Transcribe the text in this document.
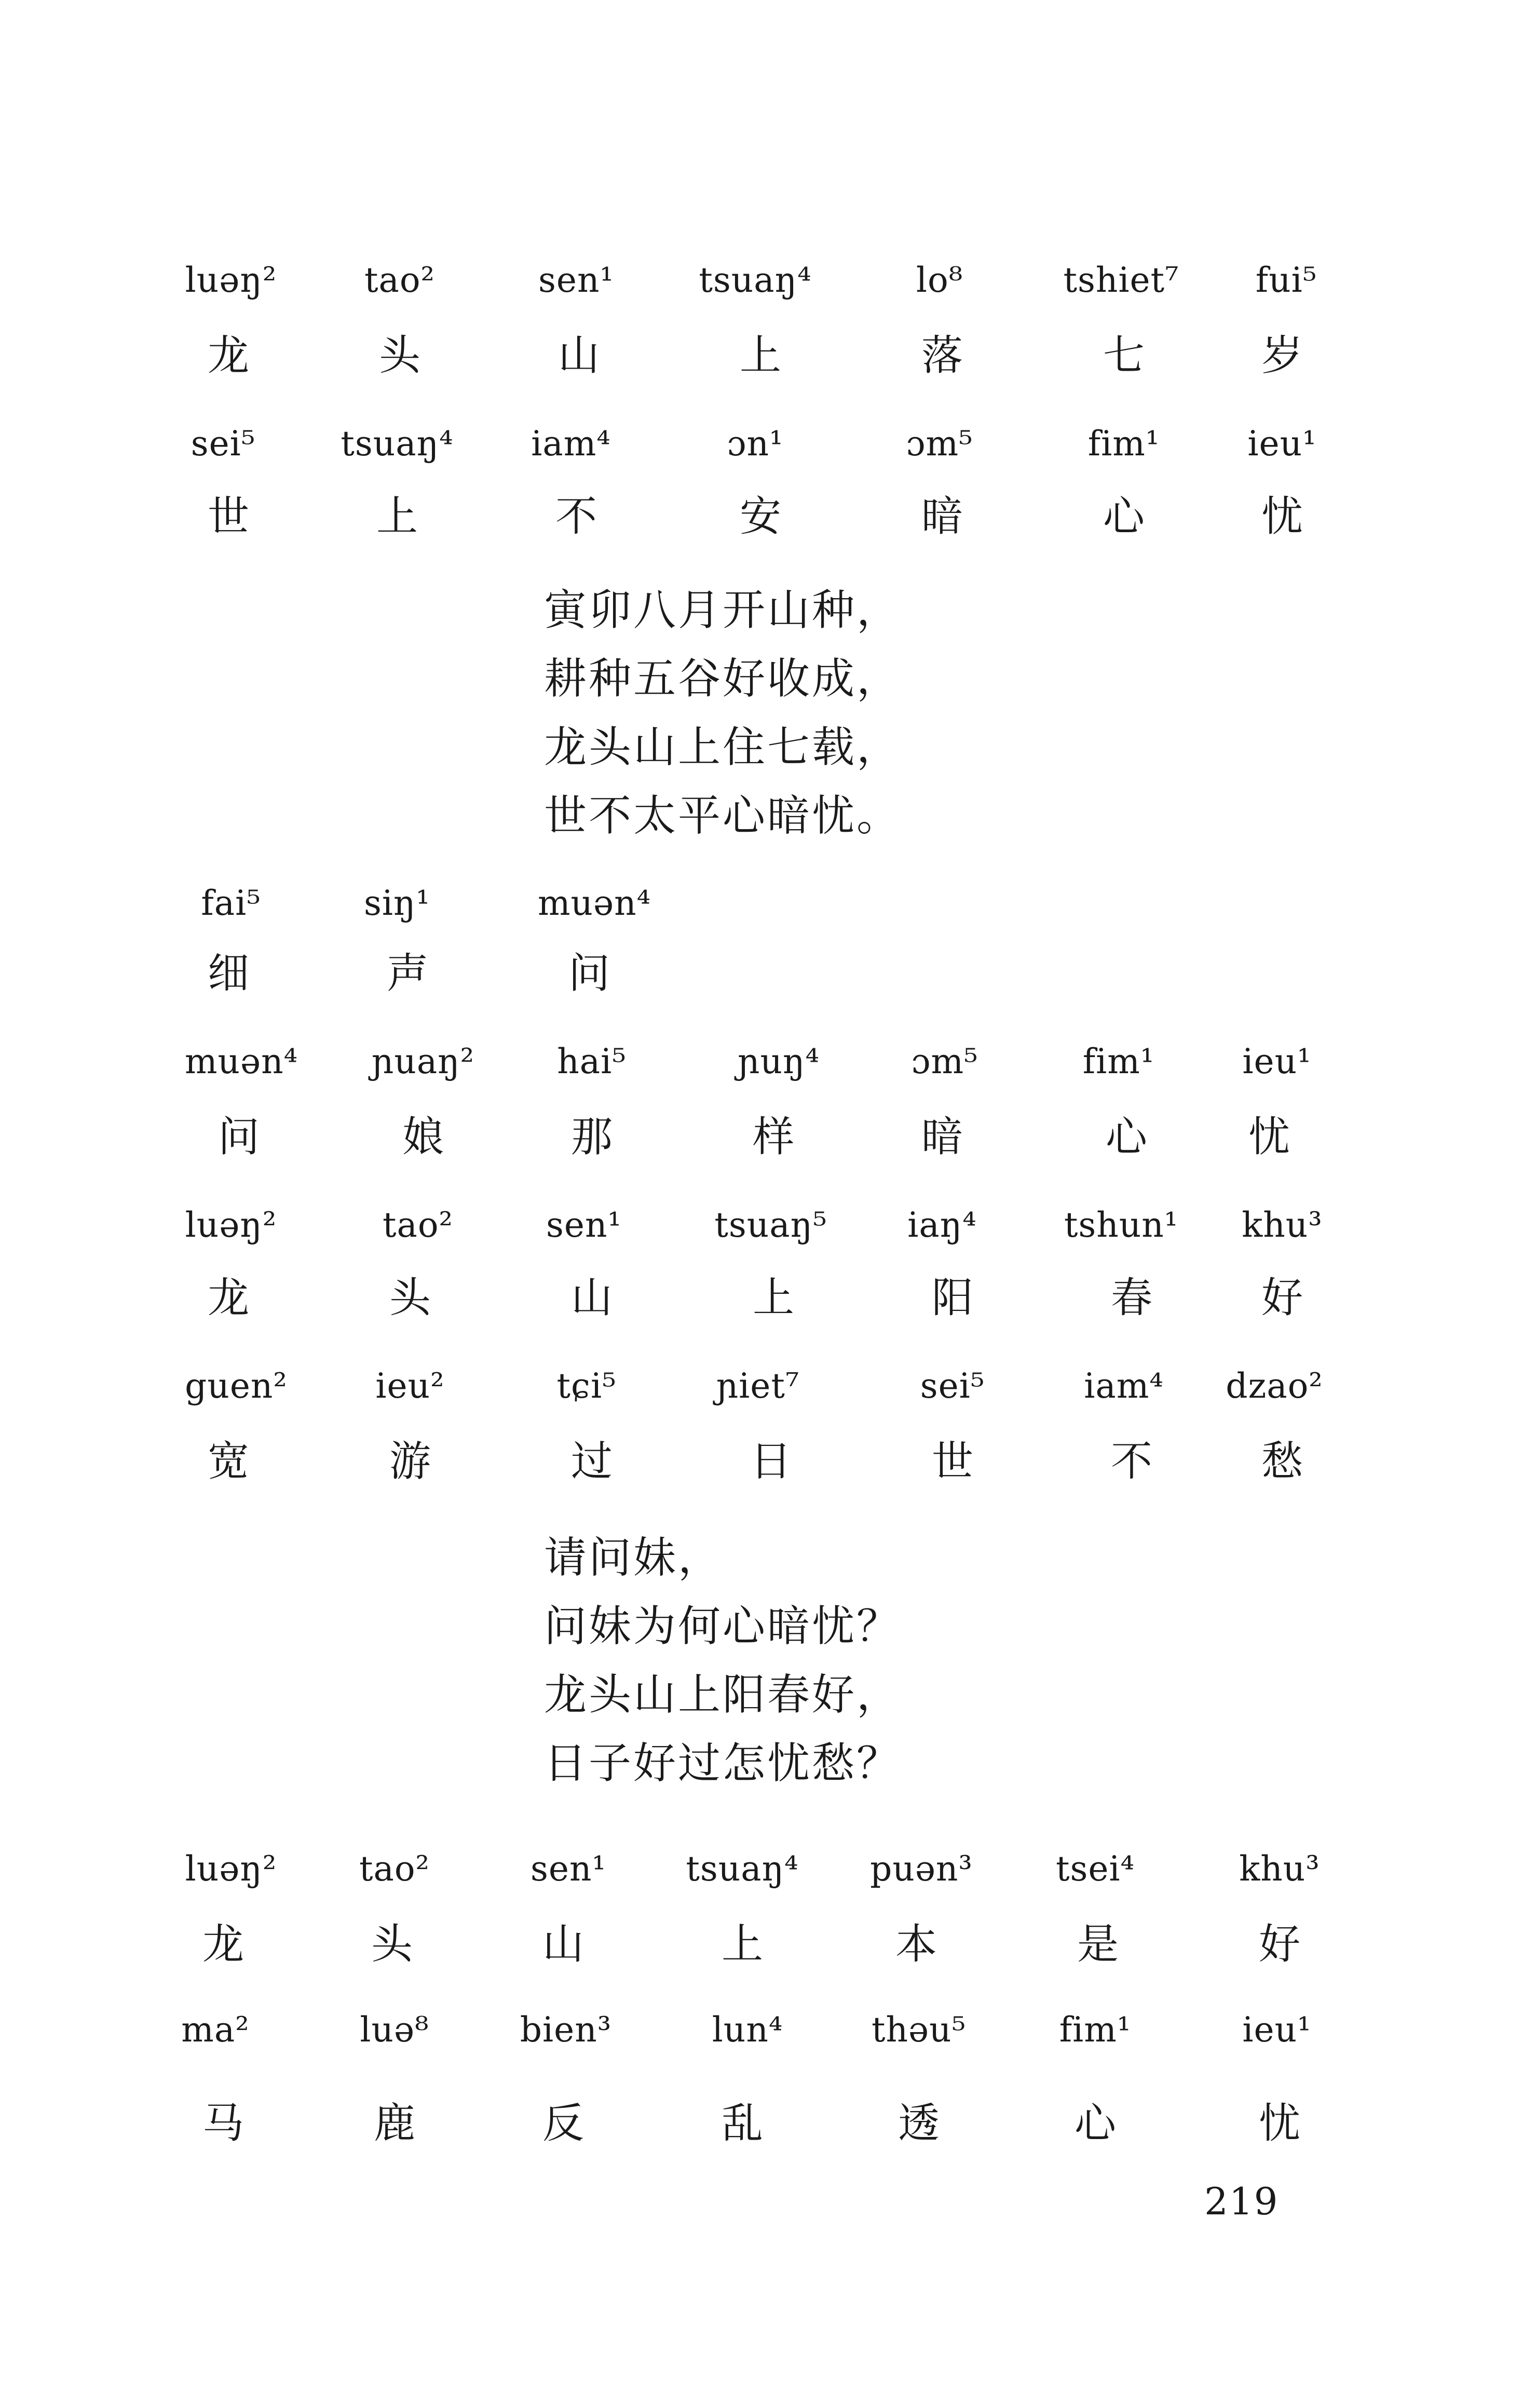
luəŋ²	tao²	sen¹	tsuaŋ⁴	lo⁸	tshiet⁷	fui⁵
龙	头	山	上	落	七	岁
sei⁵	tsuaŋ⁴	iam⁴	ɔn¹	ɔm⁵	fim¹	ieu¹
世	上	不	安	暗	心	忧
寅卯八月开山种，
耕种五谷好收成，
龙头山上住七载，
世不太平心暗忧。
fai⁵	siŋ¹	muən⁴
细	声	问
muən⁴	ɲuaŋ²	hai⁵	ɲuŋ⁴	ɔm⁵	fim¹	ieu¹
问	娘	那	样	暗	心	忧
luəŋ²	tao²	sen¹	tsuaŋ⁵	iaŋ⁴	tshun¹	khu³
龙	头	山	上	阳	春	好
guen²	ieu²	tɕi⁵	ɲiet⁷	sei⁵	iam⁴	dzao²
宽	游	过	日	世	不	愁
请问妹，
问妹为何心暗忧？
龙头山上阳春好，
日子好过怎忧愁？
luəŋ²	tao²	sen¹	tsuaŋ⁴	puən³	tsei⁴	khu³
龙	头	山	上	本	是	好
ma²	luə⁸	bien³	lun⁴	thəu⁵	fim¹	ieu¹
马	鹿	反	乱	透	心	忧
219
